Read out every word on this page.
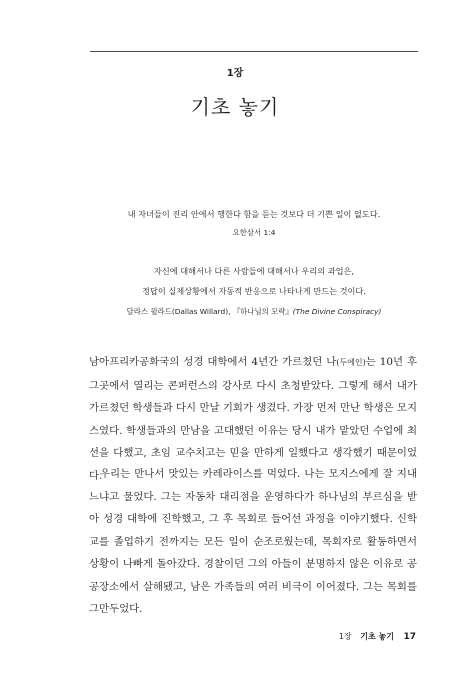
1장
기초 놓기
내 자녀들이 진리 안에서 행한다 함을 듣는 것보다 더 기쁜 일이 없도다.
요한삼서 1:4
자신에 대해서나 다른 사람들에 대해서나 우리의 과업은,
정답이 실제상황에서 자동적 반응으로 나타나게 만드는 것이다.
달라스 윌라드(Dallas Willard), 『하나님의 모략』(The Divine Conspiracy)

남아프리카공화국의 성경 대학에서 4년간 가르쳤던 나(두에인)는 10년 후 그곳에서 열리는 콘퍼런스의 강사로 다시 초청받았다. 그렇게 해서 내가 가르쳤던 학생들과 다시 만날 기회가 생겼다. 가장 먼저 만난 학생은 모지스였다. 학생들과의 만남을 고대했던 이유는 당시 내가 맡았던 수업에 최선을 다했고, 초임 교수치고는 믿을 만하게 일했다고 생각했기 때문이었다.

우리는 만나서 맛있는 카레라이스를 먹었다. 나는 모지스에게 잘 지내느냐고 물었다. 그는 자동차 대리점을 운영하다가 하나님의 부르심을 받아 성경 대학에 진학했고, 그 후 목회로 들어선 과정을 이야기했다. 신학교를 졸업하기 전까지는 모든 일이 순조로웠는데, 목회자로 활동하면서 상황이 나빠게 돌아갔다. 경찰이던 그의 아들이 분명하지 않은 이유로 공공장소에서 살해됐고, 남은 가족들의 여러 비극이 이어졌다. 그는 목회를 그만두었다.

1장 기초 놓기 17
